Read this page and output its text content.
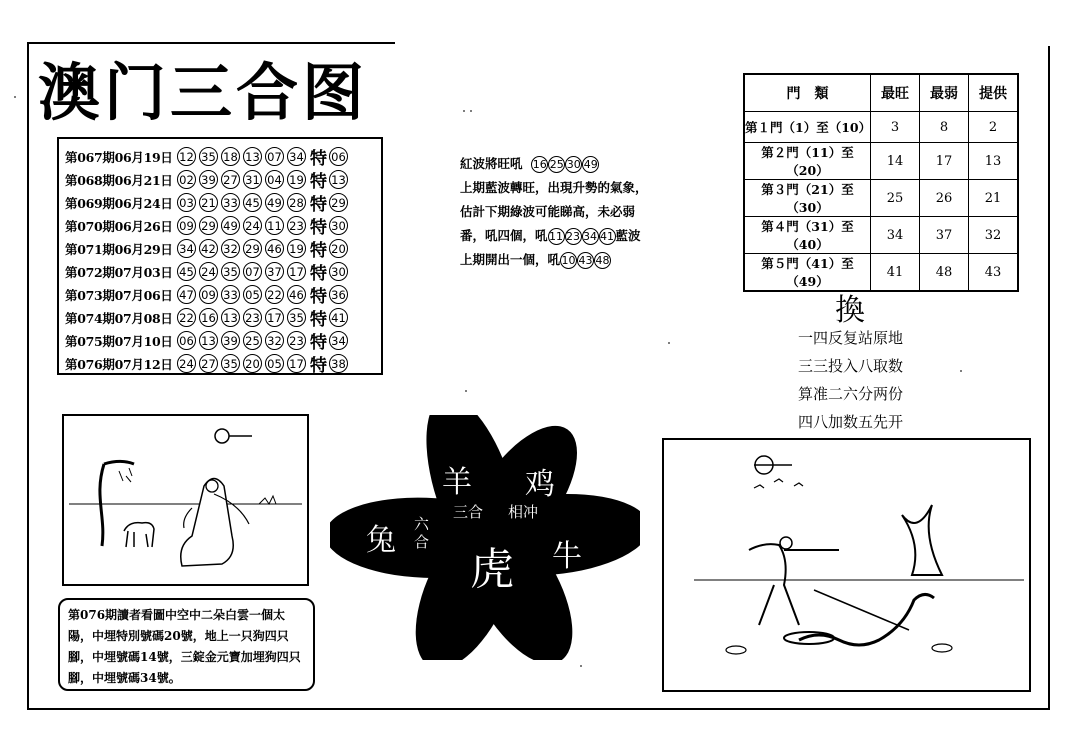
澳门三合图
第067期06月19日 12 35 18 13 07 34 特 06
第068期06月21日 02 39 27 31 04 19 特 13
第069期06月24日 03 21 33 45 49 28 特 29
第070期06月26日 09 29 49 24 11 23 特 30
第071期06月29日 34 42 32 29 46 19 特 20
第072期07月03日 45 24 35 07 37 17 特 30
第073期07月06日 47 09 33 05 22 46 特 36
第074期07月08日 22 16 13 23 17 35 特 41
第075期07月10日 06 13 39 25 32 23 特 34
第076期07月12日 24 27 35 20 05 17 特 38
紅波將旺吼 16 25 30 49
上期藍波轉旺，出現升勢的氣象，
估計下期綠波可能睇高，未必弱
番，吼四個，吼 11 23 34 41 藍波
上期開出一個，吼 10 43 48
門　類	最旺	最弱	提供
第１門（1）至（10）	3	8	2
第２門（11）至（20）	14	17	13
第３門（21）至（30）	25	26	21
第４門（31）至（40）	34	37	32
第５門（41）至（49）	41	48	43
換
一四反复站原地
三三投入八取数
算准二六分两份
四八加数五先开
第076期讀者看圖中空中二朵白雲一個太陽，中埋特別號碼20號，地上一只狗四只腳，中埋號碼14號，三錠金元寶加埋狗四只腳，中埋號碼34號。
羊 鸡
兔	牛
虎
三合 相冲
六合
